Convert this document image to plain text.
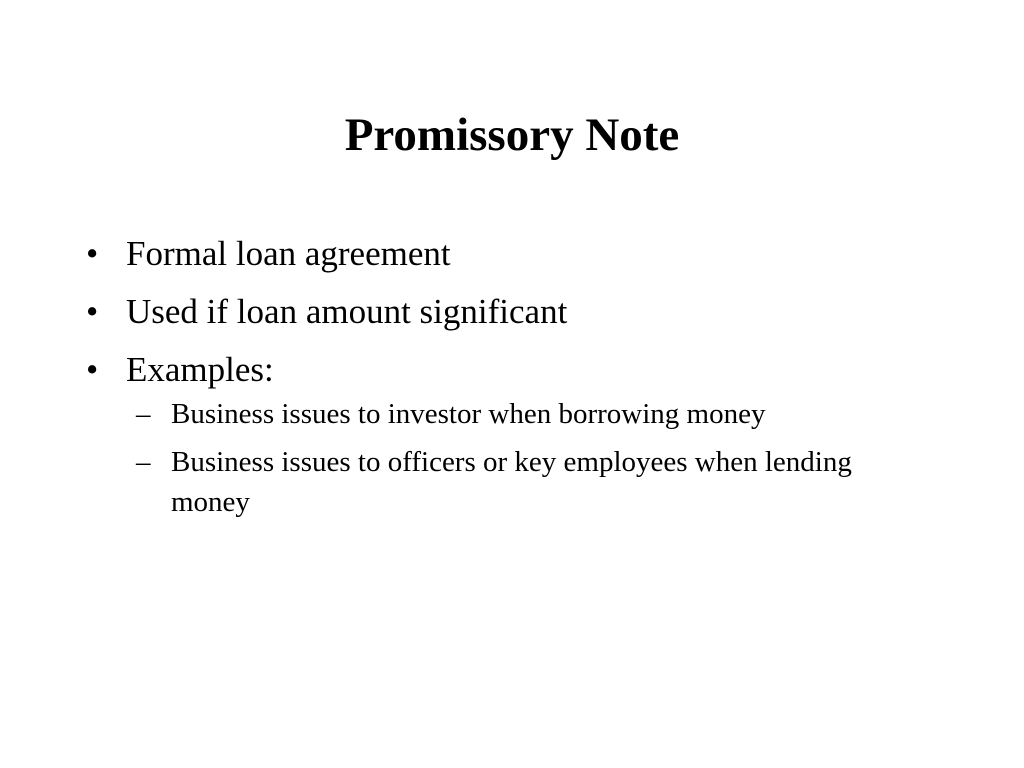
Promissory Note
• Formal loan agreement
• Used if loan amount significant
• Examples:
– Business issues to investor when borrowing money
– Business issues to officers or key employees when lending money
